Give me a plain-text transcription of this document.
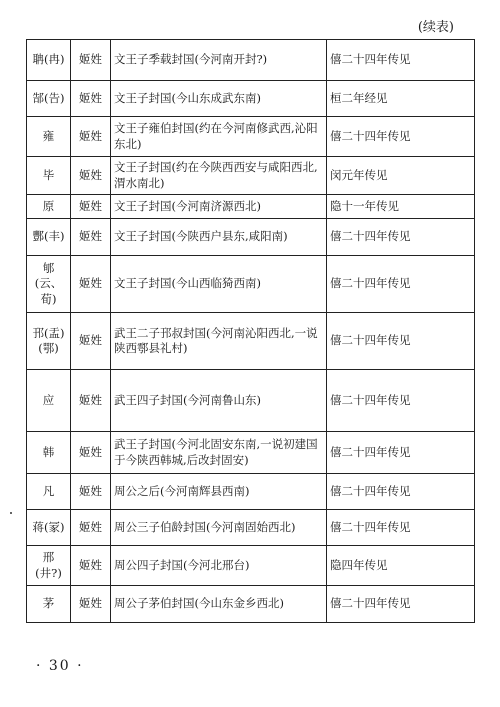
(续表)
聃(冉)	姬姓	文王子季载封国(今河南开封?)	僖二十四年传见
郜(告)	姬姓	文王子封国(今山东成武东南)	桓二年经见
雍	姬姓	文王子雍伯封国(约在今河南修武西,沁阳东北)	僖二十四年传见
毕	姬姓	文王子封国(约在今陕西西安与咸阳西北,渭水南北)	闵元年传见
原	姬姓	文王子封国(今河南济源西北)	隐十一年传见
酆(丰)	姬姓	文王子封国(今陕西户县东,咸阳南)	僖二十四年传见
郇(云、荀)	姬姓	文王子封国(今山西临猗西南)	僖二十四年传见
邘(盂)(鄂)	姬姓	武王二子邘叔封国(今河南沁阳西北,一说陕西鄠县礼村)	僖二十四年传见
应	姬姓	武王四子封国(今河南鲁山东)	僖二十四年传见
韩	姬姓	武王子封国(今河北固安东南,一说初建国于今陕西韩城,后改封固安)	僖二十四年传见
凡	姬姓	周公之后(今河南辉县西南)	僖二十四年传见
蒋(冡)	姬姓	周公三子伯龄封国(今河南固始西北)	僖二十四年传见
邢(井?)	姬姓	周公四子封国(今河北邢台)	隐四年传见
茅	姬姓	周公子茅伯封国(今山东金乡西北)	僖二十四年传见
· 30 ·
